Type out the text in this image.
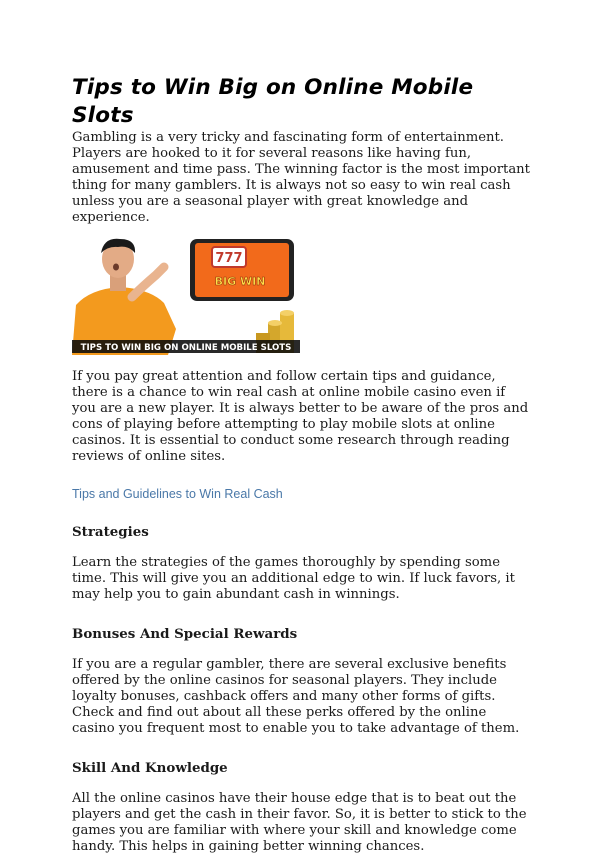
Tips to Win Big on Online Mobile Slots

Gambling is a very tricky and fascinating form of entertainment. Players are hooked to it for several reasons like having fun, amusement and time pass. The winning factor is the most important thing for many gamblers. It is always not so easy to win real cash unless you are a seasonal player with great knowledge and experience.

777
BIG WIN
TIPS TO WIN BIG ON ONLINE MOBILE SLOTS

If you pay great attention and follow certain tips and guidance, there is a chance to win real cash at online mobile casino even if you are a new player. It is always better to be aware of the pros and cons of playing before attempting to play mobile slots at online casinos. It is essential to conduct some research through reading reviews of online sites.

Tips and Guidelines to Win Real Cash
Strategies

Learn the strategies of the games thoroughly by spending some time. This will give you an additional edge to win. If luck favors, it may help you to gain abundant cash in winnings.

Bonuses And Special Rewards

If you are a regular gambler, there are several exclusive benefits offered by the online casinos for seasonal players. They include loyalty bonuses, cashback offers and many other forms of gifts. Check and find out about all these perks offered by the online casino you frequent most to enable you to take advantage of them.

Skill And Knowledge

All the online casinos have their house edge that is to beat out the players and get the cash in their favor. So, it is better to stick to the games you are familiar with where your skill and knowledge come handy. This helps in gaining better winning chances.
